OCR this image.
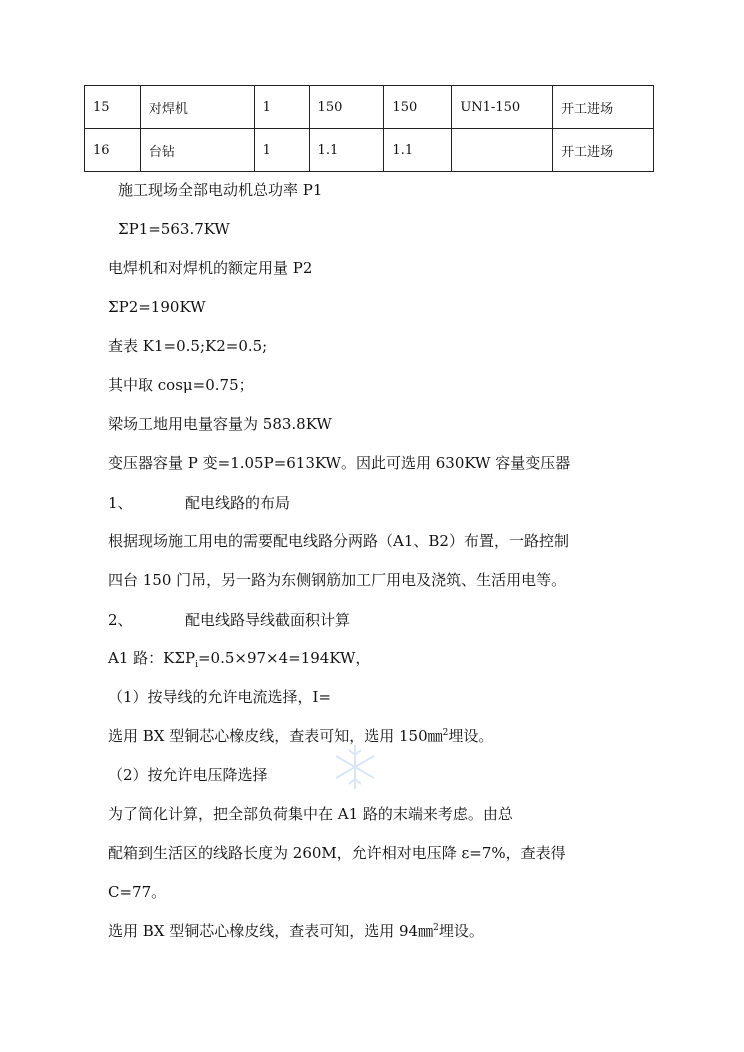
15	对焊机	1	150	150	UN1-150	开工进场
16	台钻	1	1.1	1.1		开工进场
施工现场全部电动机总功率 P1
ΣP1=563.7KW
电焊机和对焊机的额定用量 P2
ΣP2=190KW
查表 K1=0.5;K2=0.5;
其中取 cosμ=0.75；
梁场工地用电量容量为 583.8KW
变压器容量 P 变=1.05P=613KW。因此可选用 630KW 容量变压器
1、	配电线路的布局
根据现场施工用电的需要配电线路分两路（A1、B2）布置，一路控制
四台 150 门吊，另一路为东侧钢筋加工厂用电及浇筑、生活用电等。
2、	配电线路导线截面积计算
A1 路：$K\Sigma P_i=0.5\times 97\times 4=194KW$，
（1）按导线的允许电流选择，I=
选用 BX 型铜芯心橡皮线，查表可知，选用 150㎜$^2$埋设。
（2）按允许电压降选择
为了简化计算，把全部负荷集中在 A1 路的末端来考虑。由总
配箱到生活区的线路长度为 260M，允许相对电压降 ε=7%，查表得
C=77。
选用 BX 型铜芯心橡皮线，查表可知，选用 94㎜$^2$埋设。
